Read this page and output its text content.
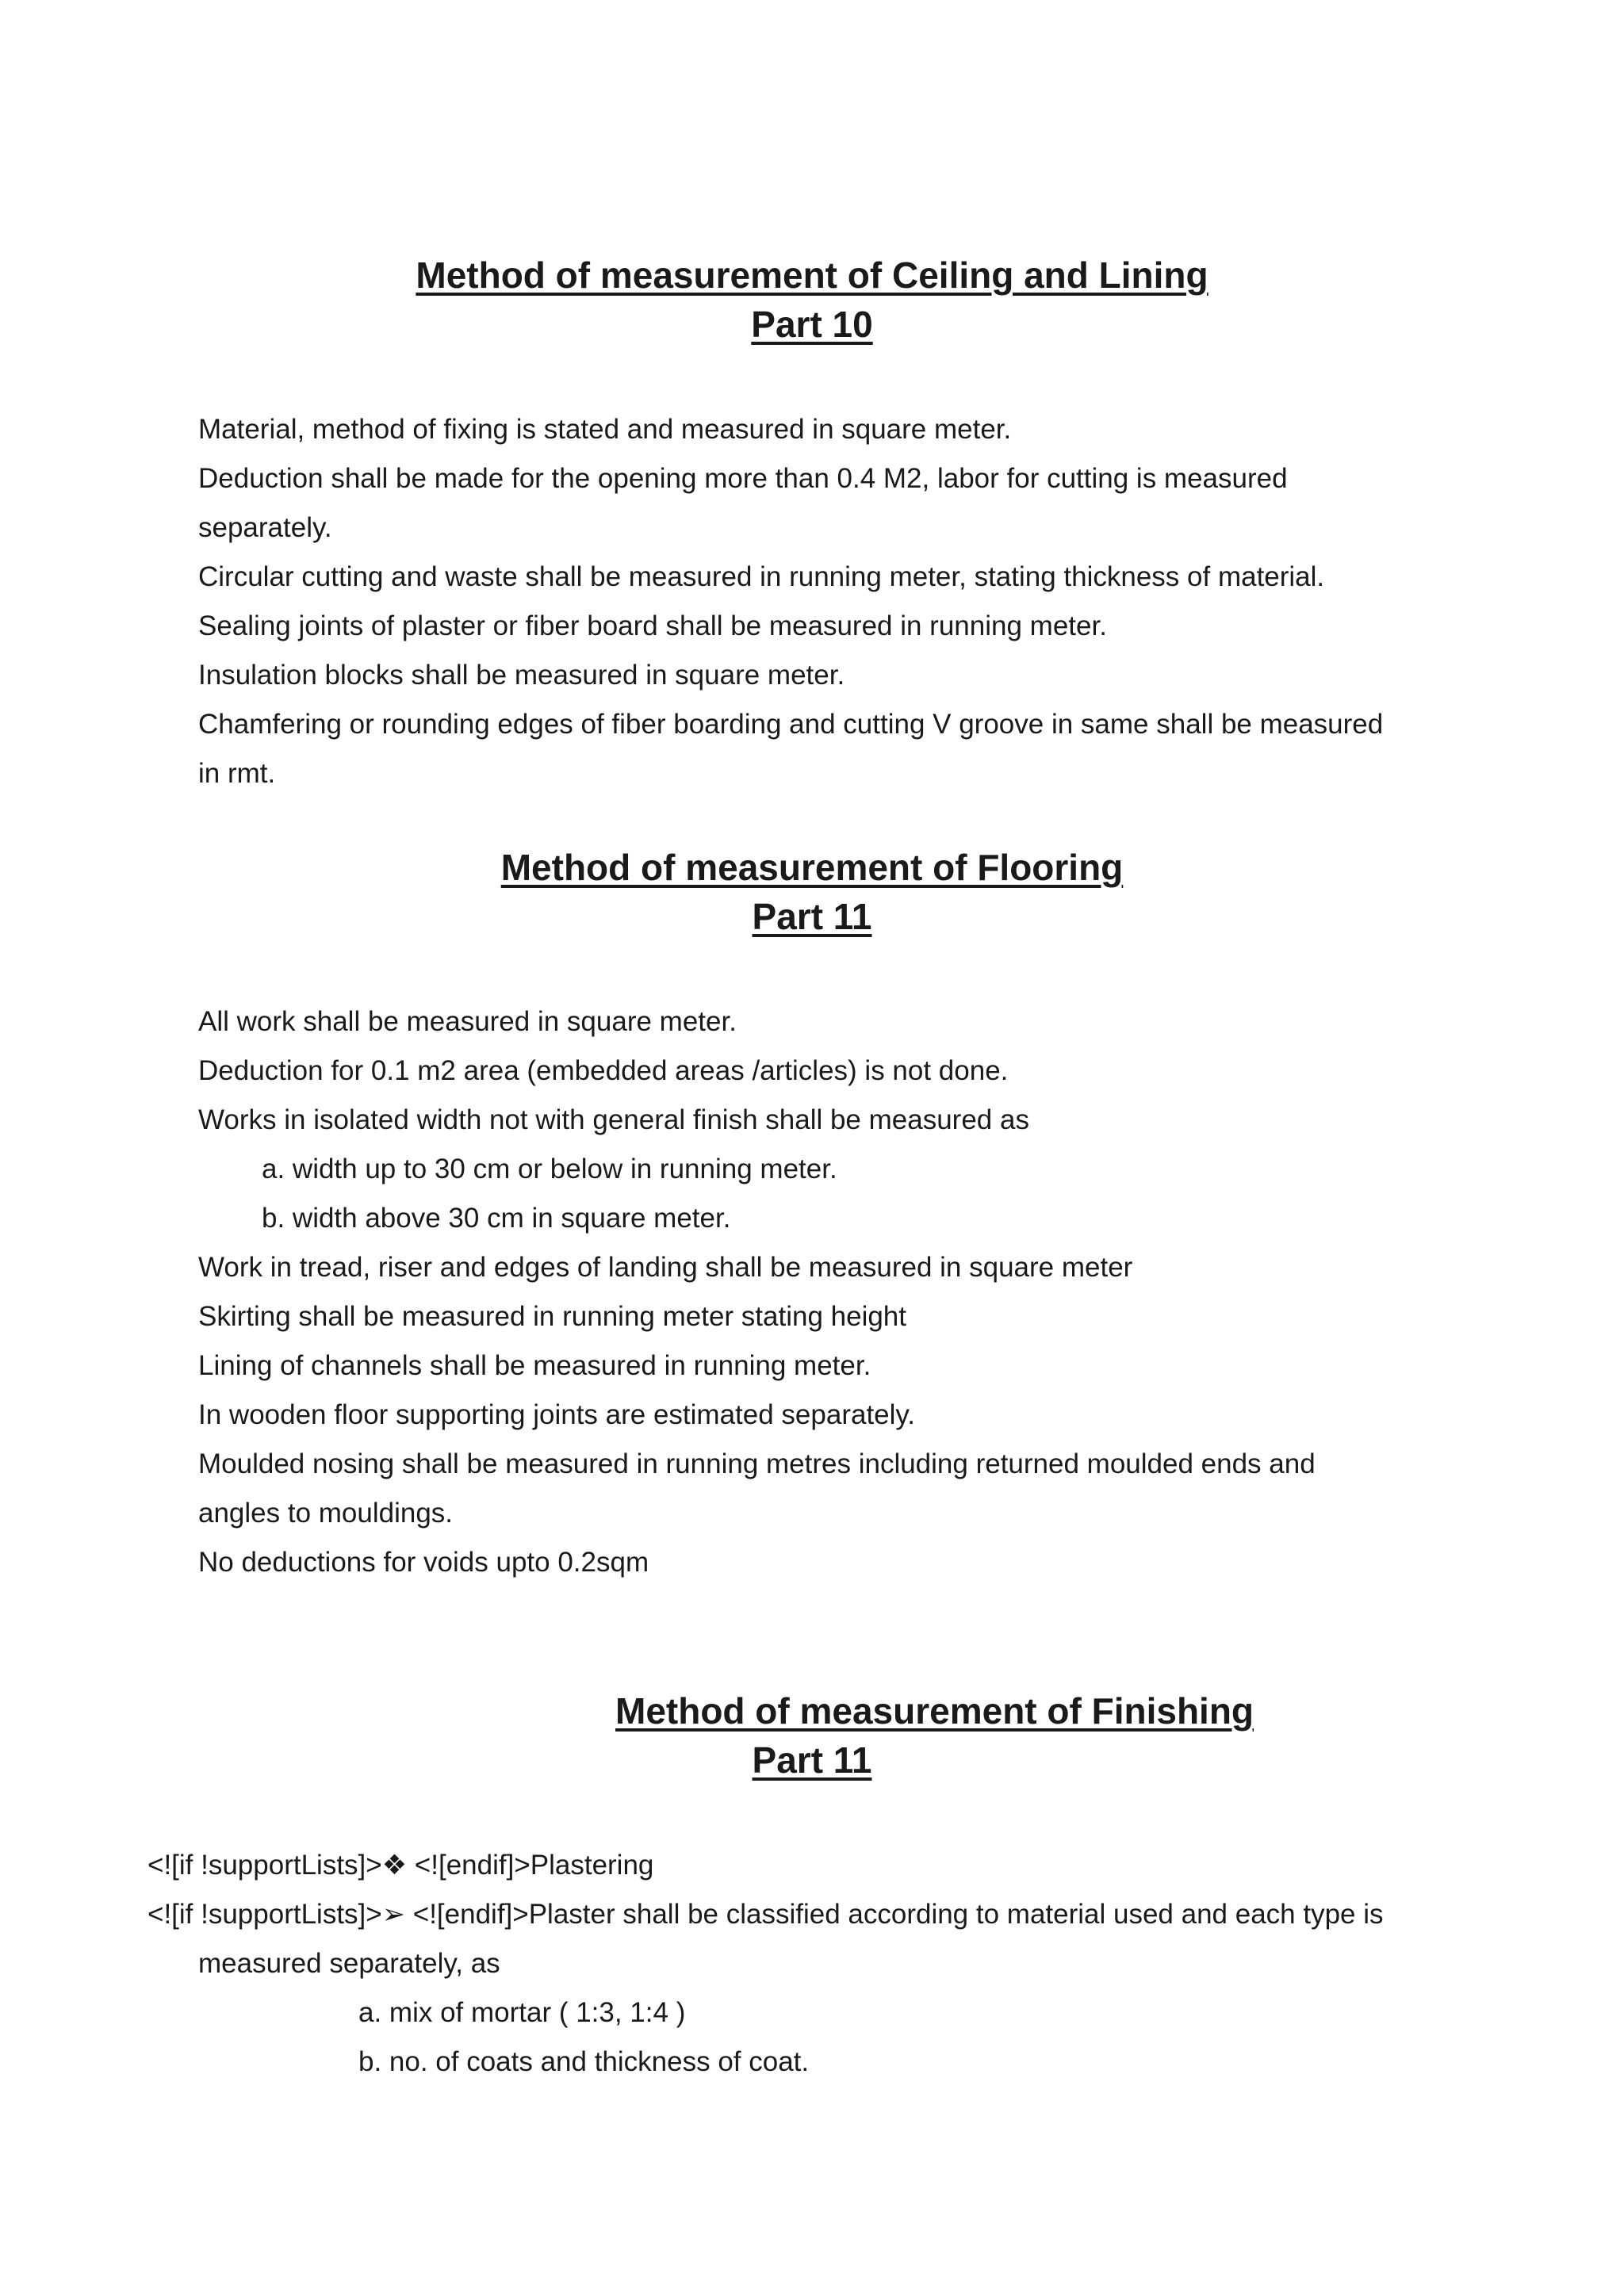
Method of measurement of Ceiling and Lining
Part 10
Material, method of fixing is stated and measured in square meter.
Deduction shall be made for the opening more than 0.4 M2, labor for cutting is measured
separately.
Circular cutting and waste shall be measured in running meter, stating thickness of material.
Sealing joints of plaster or fiber board shall be measured in running meter.
Insulation blocks shall be measured in square meter.
Chamfering or rounding edges of fiber boarding and cutting V groove in same shall be measured
in rmt.
Method of measurement of Flooring
Part 11
All work shall be measured in square meter.
Deduction for 0.1 m2 area (embedded areas /articles) is not done.
Works in isolated width not with general finish shall be measured as
a. width up to 30 cm or below in running meter.
b. width above 30 cm in square meter.
Work in tread, riser and edges of landing shall be measured in square meter
Skirting shall be measured in running meter stating height
Lining of channels shall be measured in running meter.
In wooden floor supporting joints are estimated separately.
Moulded nosing shall be measured in running metres including returned moulded ends and
angles to mouldings.
No deductions for voids upto 0.2sqm
Method of measurement of Finishing
Part 11
<![if !supportLists]>❖ <![endif]>Plastering
<![if !supportLists]>➢ <![endif]>Plaster shall be classified according to material used and each type is
measured separately, as
a. mix of mortar ( 1:3, 1:4 )
b. no. of coats and thickness of coat.
